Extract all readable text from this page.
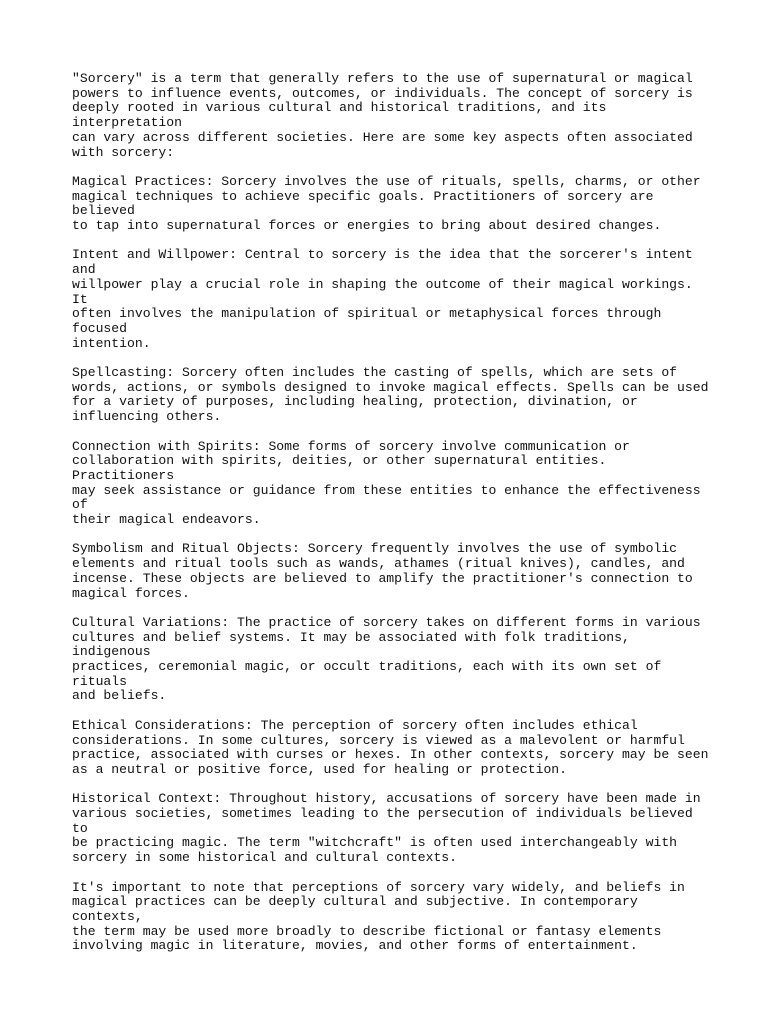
"Sorcery" is a term that generally refers to the use of supernatural or magical
powers to influence events, outcomes, or individuals. The concept of sorcery is
deeply rooted in various cultural and historical traditions, and its interpretation
can vary across different societies. Here are some key aspects often associated
with sorcery:

Magical Practices: Sorcery involves the use of rituals, spells, charms, or other
magical techniques to achieve specific goals. Practitioners of sorcery are believed
to tap into supernatural forces or energies to bring about desired changes.

Intent and Willpower: Central to sorcery is the idea that the sorcerer's intent and
willpower play a crucial role in shaping the outcome of their magical workings. It
often involves the manipulation of spiritual or metaphysical forces through focused
intention.

Spellcasting: Sorcery often includes the casting of spells, which are sets of
words, actions, or symbols designed to invoke magical effects. Spells can be used
for a variety of purposes, including healing, protection, divination, or
influencing others.

Connection with Spirits: Some forms of sorcery involve communication or
collaboration with spirits, deities, or other supernatural entities. Practitioners
may seek assistance or guidance from these entities to enhance the effectiveness of
their magical endeavors.

Symbolism and Ritual Objects: Sorcery frequently involves the use of symbolic
elements and ritual tools such as wands, athames (ritual knives), candles, and
incense. These objects are believed to amplify the practitioner's connection to
magical forces.

Cultural Variations: The practice of sorcery takes on different forms in various
cultures and belief systems. It may be associated with folk traditions, indigenous
practices, ceremonial magic, or occult traditions, each with its own set of rituals
and beliefs.

Ethical Considerations: The perception of sorcery often includes ethical
considerations. In some cultures, sorcery is viewed as a malevolent or harmful
practice, associated with curses or hexes. In other contexts, sorcery may be seen
as a neutral or positive force, used for healing or protection.

Historical Context: Throughout history, accusations of sorcery have been made in
various societies, sometimes leading to the persecution of individuals believed to
be practicing magic. The term "witchcraft" is often used interchangeably with
sorcery in some historical and cultural contexts.

It's important to note that perceptions of sorcery vary widely, and beliefs in
magical practices can be deeply cultural and subjective. In contemporary contexts,
the term may be used more broadly to describe fictional or fantasy elements
involving magic in literature, movies, and other forms of entertainment.
